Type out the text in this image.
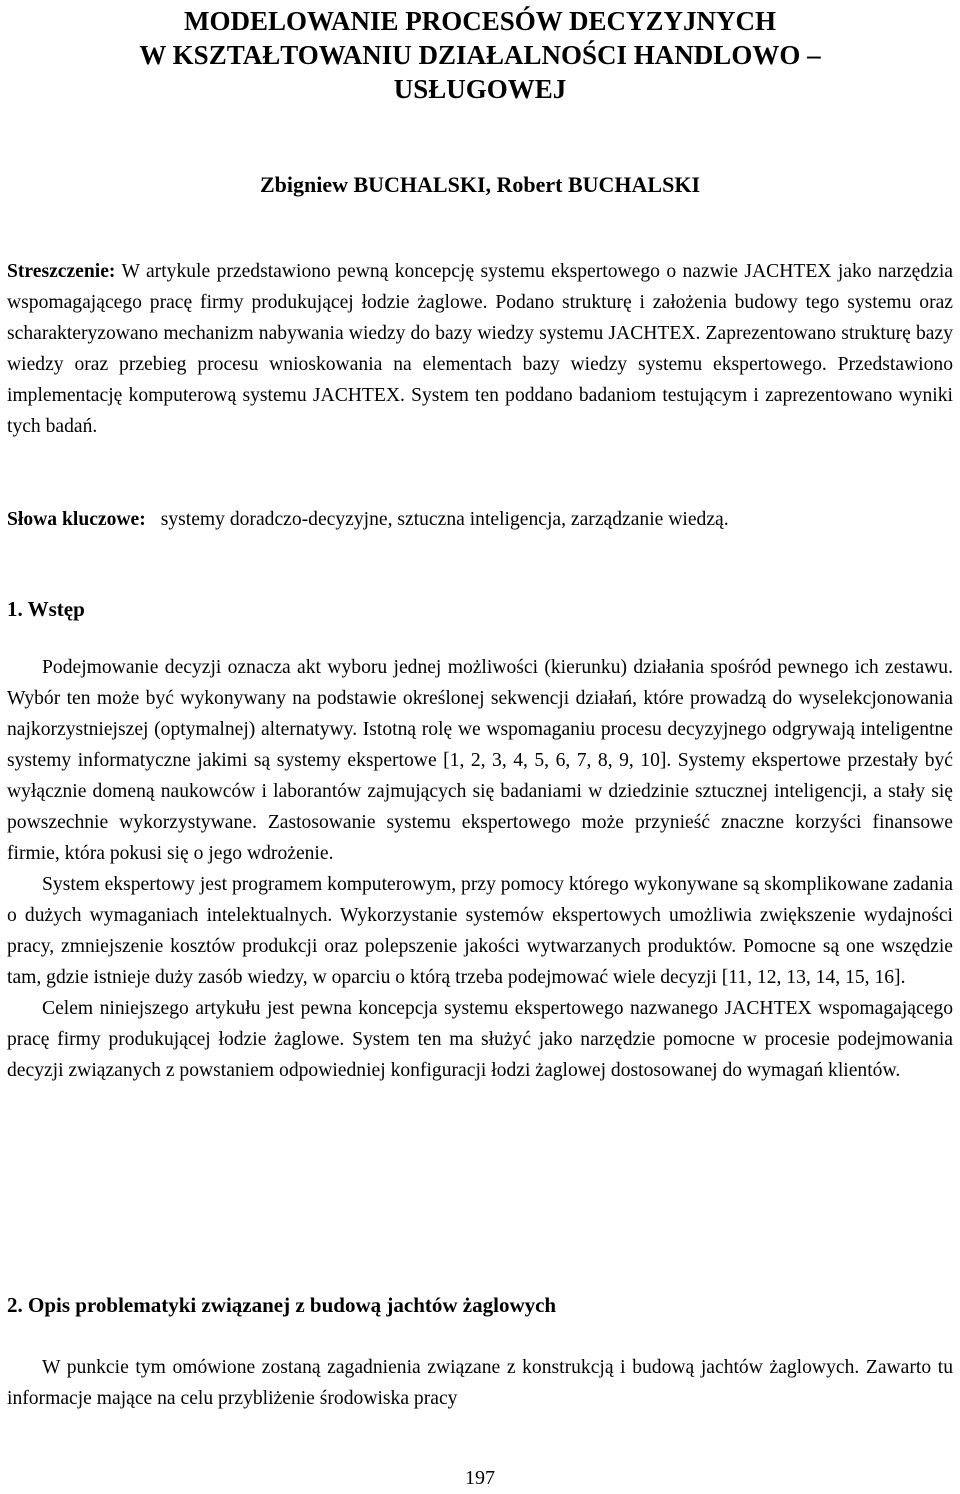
MODELOWANIE PROCESÓW DECYZYJNYCH
W KSZTAŁTOWANIU DZIAŁALNOŚCI HANDLOWO –
USŁUGOWEJ
Zbigniew BUCHALSKI, Robert BUCHALSKI

Streszczenie: W artykule przedstawiono pewną koncepcję systemu ekspertowego o nazwie JACHTEX jako narzędzia wspomagającego pracę firmy produkującej łodzie żaglowe. Podano strukturę i założenia budowy tego systemu oraz scharakteryzowano mechanizm nabywania wiedzy do bazy wiedzy systemu JACHTEX. Zaprezentowano strukturę bazy wiedzy oraz przebieg procesu wnioskowania na elementach bazy wiedzy systemu ekspertowego. Przedstawiono implementację komputerową systemu JACHTEX. System ten poddano badaniom testującym i zaprezentowano wyniki tych badań.

Słowa kluczowe: systemy doradczo-decyzyjne, sztuczna inteligencja, zarządzanie wiedzą.

1. Wstęp

Podejmowanie decyzji oznacza akt wyboru jednej możliwości (kierunku) działania spośród pewnego ich zestawu. Wybór ten może być wykonywany na podstawie określonej sekwencji działań, które prowadzą do wyselekcjonowania najkorzystniejszej (optymalnej) alternatywy. Istotną rolę we wspomaganiu procesu decyzyjnego odgrywają inteligentne systemy informatyczne jakimi są systemy ekspertowe [1, 2, 3, 4, 5, 6, 7, 8, 9, 10]. Systemy ekspertowe przestały być wyłącznie domeną naukowców i laborantów zajmujących się badaniami w dziedzinie sztucznej inteligencji, a stały się powszechnie wykorzystywane. Zastosowanie systemu ekspertowego może przynieść znaczne korzyści finansowe firmie, która pokusi się o jego wdrożenie.

System ekspertowy jest programem komputerowym, przy pomocy którego wykonywane są skomplikowane zadania o dużych wymaganiach intelektualnych. Wykorzystanie systemów ekspertowych umożliwia zwiększenie wydajności pracy, zmniejszenie kosztów produkcji oraz polepszenie jakości wytwarzanych produktów. Pomocne są one wszędzie tam, gdzie istnieje duży zasób wiedzy, w oparciu o którą trzeba podejmować wiele decyzji [11, 12, 13, 14, 15, 16].

Celem niniejszego artykułu jest pewna koncepcja systemu ekspertowego nazwanego JACHTEX wspomagającego pracę firmy produkującej łodzie żaglowe. System ten ma służyć jako narzędzie pomocne w procesie podejmowania decyzji związanych z powstaniem odpowiedniej konfiguracji łodzi żaglowej dostosowanej do wymagań klientów.

2. Opis problematyki związanej z budową jachtów żaglowych

W punkcie tym omówione zostaną zagadnienia związane z konstrukcją i budową jachtów żaglowych. Zawarto tu informacje mające na celu przybliżenie środowiska pracy

197
